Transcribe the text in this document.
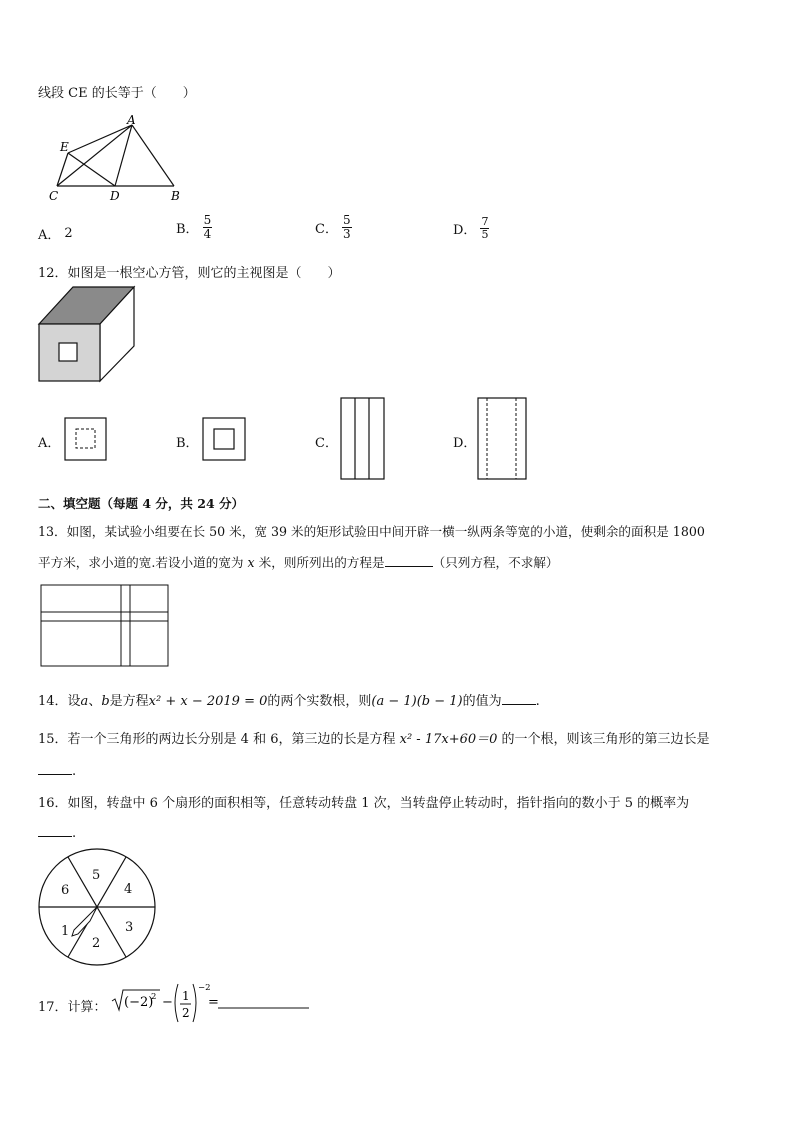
线段 CE 的长等于（　　）
A
E
C	D	B
A． 2	B． $\frac{5}{4}$	C． $\frac{5}{3}$	D． $\frac{7}{5}$
12．如图是一根空心方管，则它的主视图是（　　）
A．	B．	C．	D．
二、填空题（每题 4 分，共 24 分）
13．如图，某试验小组要在长 50 米，宽 39 米的矩形试验田中间开辟一横一纵两条等宽的小道，使剩余的面积是 1800
平方米，求小道的宽.若设小道的宽为 x 米，则所列出的方程是	（只列方程，不求解）
14．设a、b是方程x² + x − 2019 = 0的两个实数根，则(a − 1)(b − 1)的值为	.
15．若一个三角形的两边长分别是 4 和 6，第三边的长是方程 x² - 17x+60＝0 的一个根，则该三角形的第三边长是
.
16．如图，转盘中 6 个扇形的面积相等，任意转动转盘 1 次，当转盘停止转动时，指针指向的数小于 5 的概率为
.
5
4
3
2
1
6
17．计算： (−2)
2 − 1
2
−2
=
